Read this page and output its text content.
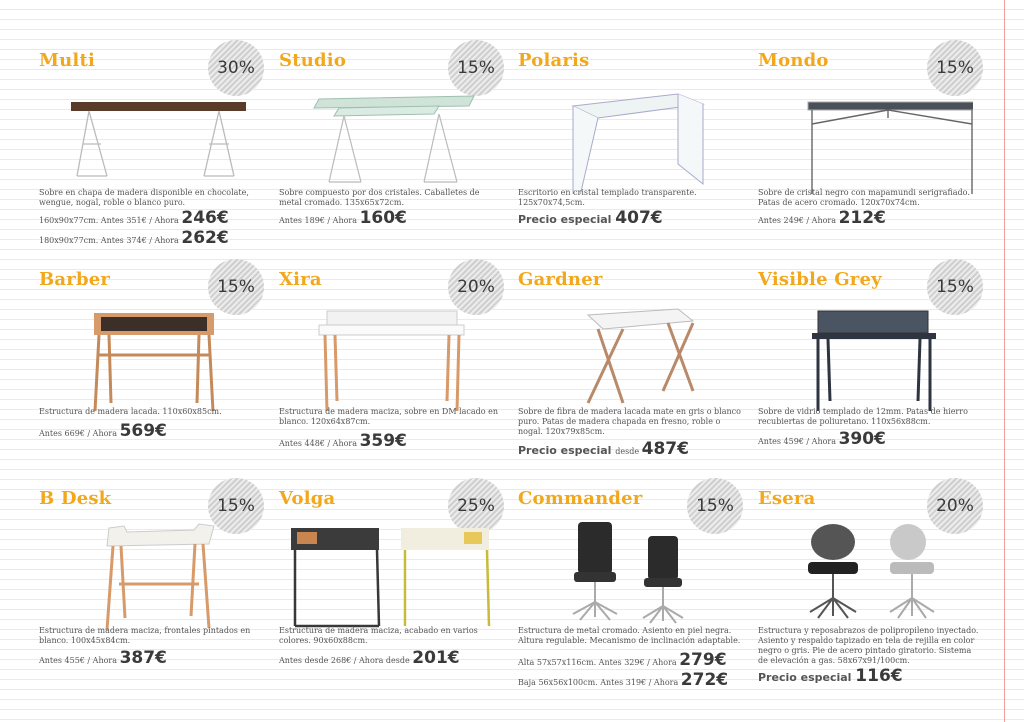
Multi	30%
Sobre en chapa de madera disponible en chocolate, wengue, nogal, roble o blanco puro.
160x90x77cm. Antes 351€ / Ahora 246€
180x90x77cm. Antes 374€ / Ahora 262€
Studio	15%
Sobre compuesto por dos cristales. Caballetes de metal cromado. 135x65x72cm.
Antes 189€ / Ahora 160€
Polaris
Escritorio en cristal templado transparente. 125x70x74,5cm.
Precio especial 407€
Mondo	15%
Sobre de cristal negro con mapamundi serigrafiado. Patas de acero cromado. 120x70x74cm.
Antes 249€ / Ahora 212€
Barber	15%
Estructura de madera lacada. 110x60x85cm.
Antes 669€ / Ahora 569€
Xira	20%
Estructura de madera maciza, sobre en DM lacado en blanco. 120x64x87cm.
Antes 448€ / Ahora 359€
Gardner
Sobre de fibra de madera lacada mate en gris o blanco puro. Patas de madera chapada en fresno, roble o nogal. 120x79x85cm.
Precio especial desde 487€
Visible Grey	15%
Sobre de vidrio templado de 12mm. Patas de hierro recubiertas de poliuretano. 110x56x88cm.
Antes 459€ / Ahora 390€
B Desk	15%
Estructura de madera maciza, frontales pintados en blanco. 100x45x84cm.
Antes 455€ / Ahora 387€
Volga	25%
Estructura de madera maciza, acabado en varios colores. 90x60x88cm.
Antes desde 268€ / Ahora desde 201€
Commander	15%
Estructura de metal cromado. Asiento en piel negra. Altura regulable. Mecanismo de inclinación adaptable.
Alta 57x57x116cm. Antes 329€ / Ahora 279€
Baja 56x56x100cm. Antes 319€ / Ahora 272€
Esera	20%
Estructura y reposabrazos de polipropileno inyectado. Asiento y respaldo tapizado en tela de rejilla en color negro o gris. Pie de acero pintado giratorio. Sistema de elevación a gas. 58x67x91/100cm.
Precio especial 116€
